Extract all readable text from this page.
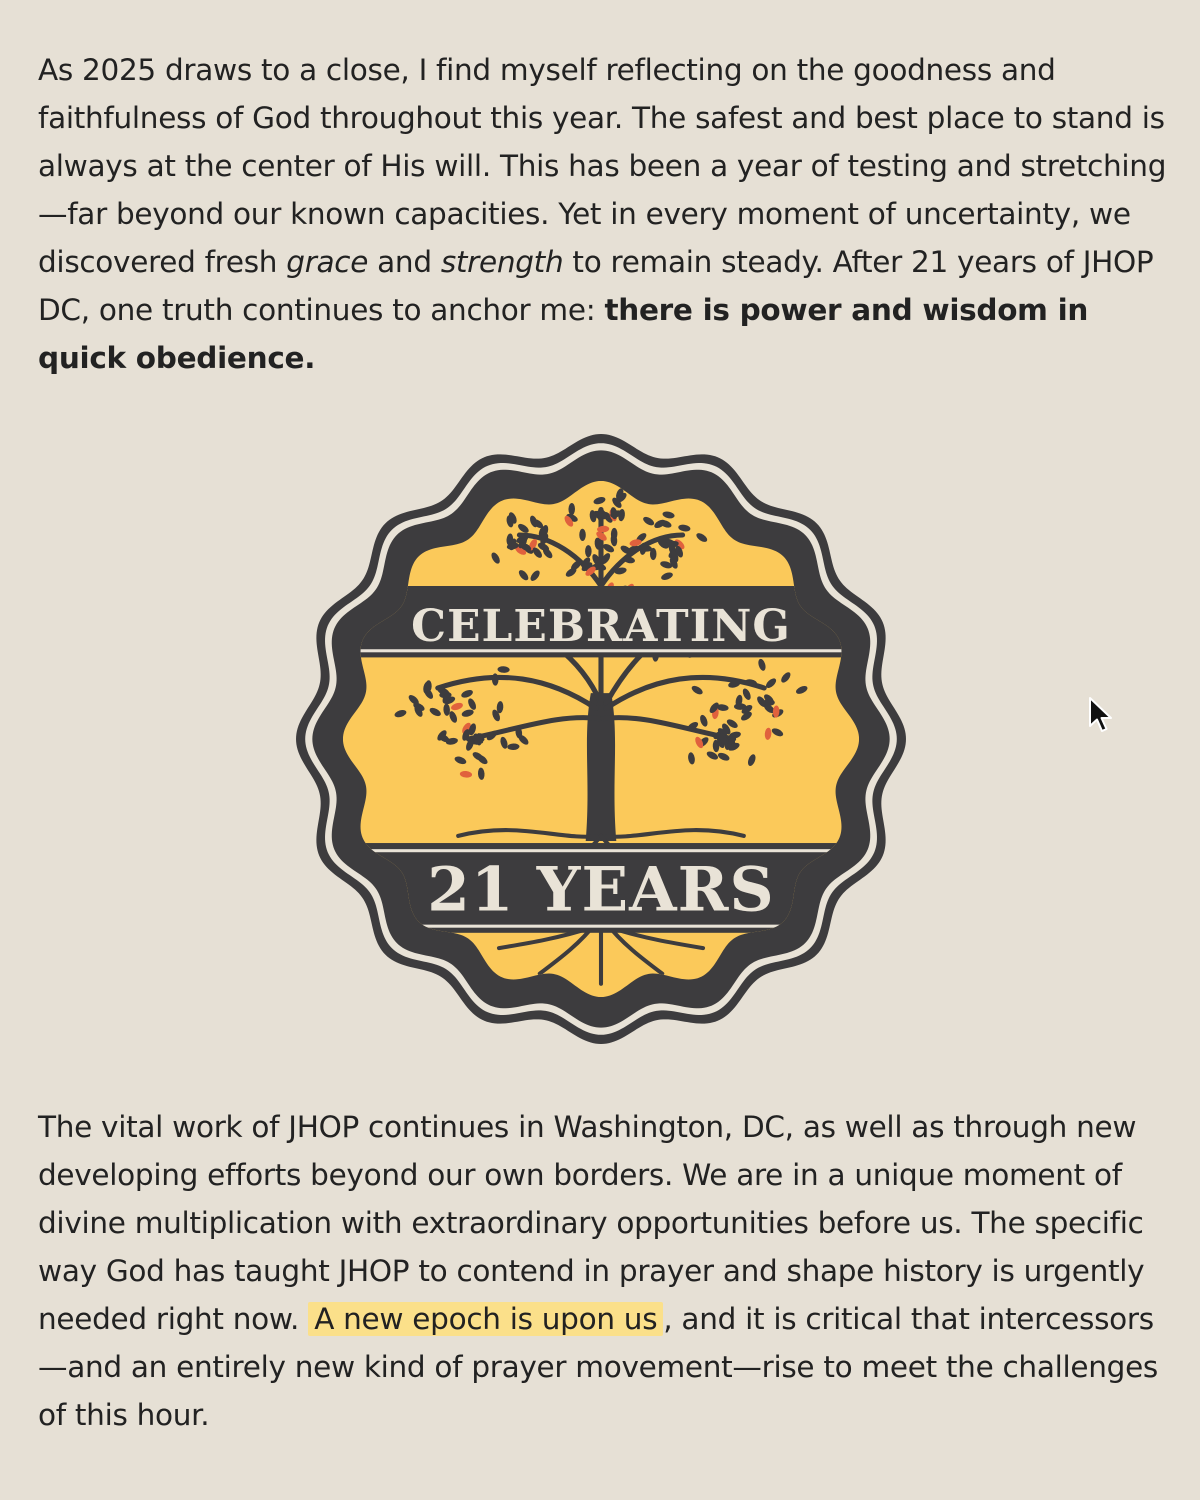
As 2025 draws to a close, I find myself reflecting on the goodness and faithfulness of God throughout this year. The safest and best place to stand is always at the center of His will. This has been a year of testing and stretching—far beyond our known capacities. Yet in every moment of uncertainty, we discovered fresh grace and strength to remain steady. After 21 years of JHOP DC, one truth continues to anchor me: there is power and wisdom in quick obedience.

CELEBRATING
21 YEARS

The vital work of JHOP continues in Washington, DC, as well as through new developing efforts beyond our own borders. We are in a unique moment of divine multiplication with extraordinary opportunities before us. The specific way God has taught JHOP to contend in prayer and shape history is urgently needed right now. A new epoch is upon us , and it is critical that intercessors—and an entirely new kind of prayer movement—rise to meet the challenges of this hour.
